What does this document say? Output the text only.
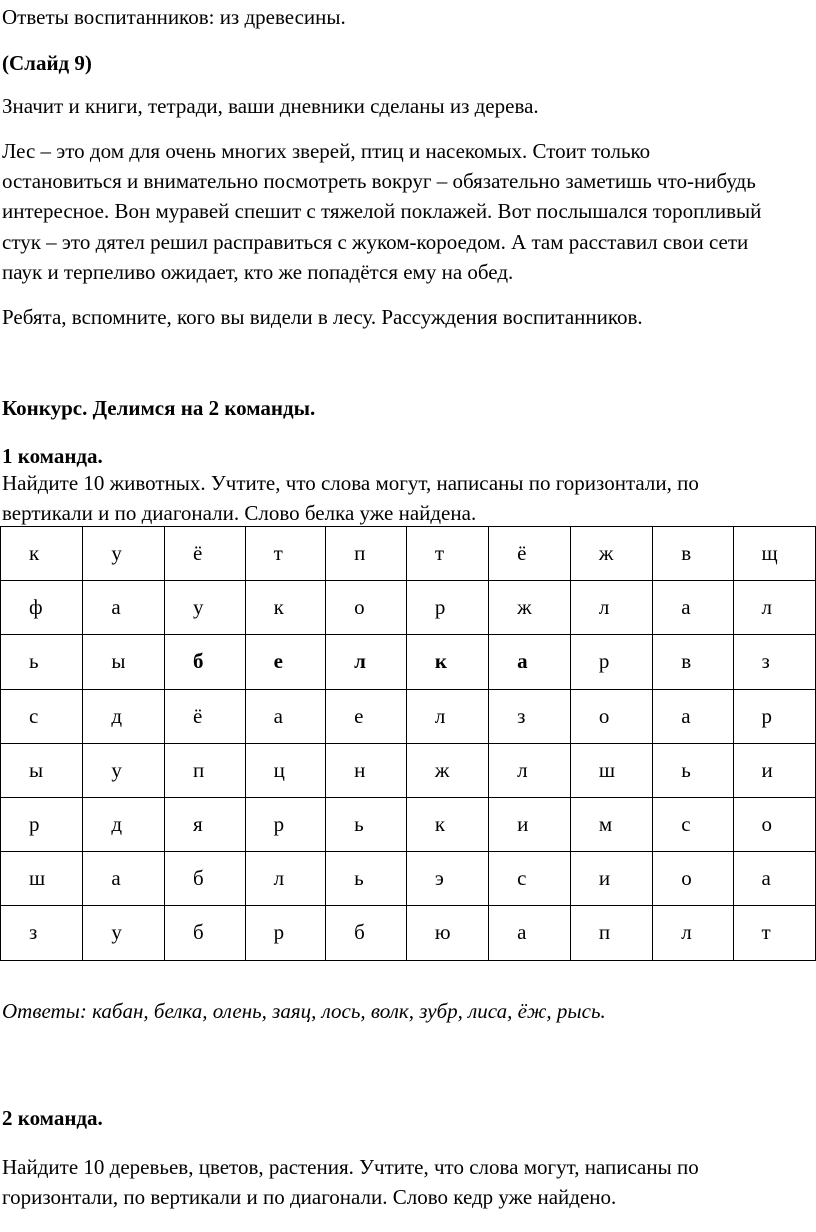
Ответы воспитанников: из древесины.

(Слайд 9)

Значит и книги, тетради, ваши дневники сделаны из дерева.

Лес – это дом для очень многих зверей, птиц и насекомых. Стоит только

остановиться и внимательно посмотреть вокруг – обязательно заметишь что-нибудь

интересное. Вон муравей спешит с тяжелой поклажей. Вот послышался торопливый

стук – это дятел решил расправиться с жуком-короедом. А там расставил свои сети

паук и терпеливо ожидает, кто же попадётся ему на обед.

Ребята, вспомните, кого вы видели в лесу. Рассуждения воспитанников.

Конкурс. Делимся на 2 команды.

1 команда.

Найдите 10 животных. Учтите, что слова могут, написаны по горизонтали, по

вертикали и по диагонали. Слово белка уже найдена.

к	у	ё	т	п	т	ё	ж	в	щ
ф	а	у	к	о	р	ж	л	а	л
ь	ы	б	е	л	к	а	р	в	з
с	д	ё	а	е	л	з	о	а	р
ы	у	п	ц	н	ж	л	ш	ь	и
р	д	я	р	ь	к	и	м	с	о
ш	а	б	л	ь	э	с	и	о	а
з	у	б	р	б	ю	а	п	л	т

Ответы: кабан, белка, олень, заяц, лось, волк, зубр, лиса, ёж, рысь.

2 команда.

Найдите 10 деревьев, цветов, растения. Учтите, что слова могут, написаны по

горизонтали, по вертикали и по диагонали. Слово кедр уже найдено.
